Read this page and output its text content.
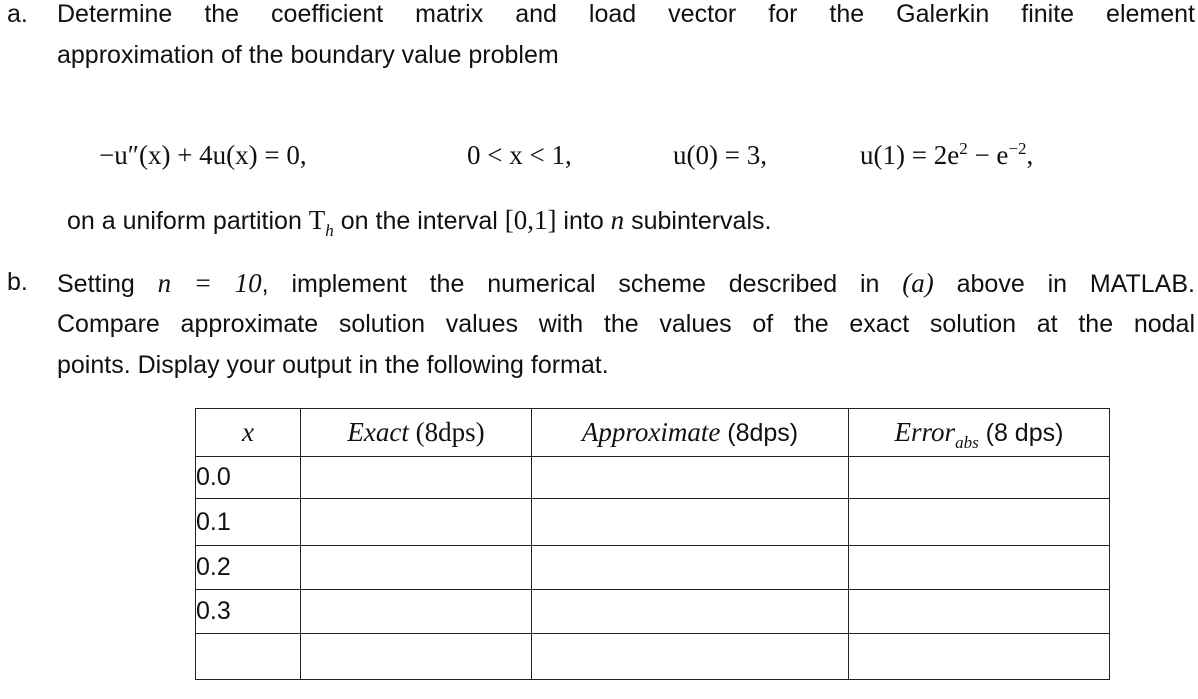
a. Determine the coefficient matrix and load vector for the Galerkin finite element
approximation of the boundary value problem
−u″(x) + 4u(x) = 0,	0 < x < 1,	u(0) = 3,	$u(1) = 2e^2 - e^{-2}$,
on a uniform partition $T_h$ on the interval [0,1] into n subintervals.
b. Setting n = 10, implement the numerical scheme described in (a) above in MATLAB.
Compare approximate solution values with the values of the exact solution at the nodal
points. Display your output in the following format.
x	Exact (8dps)	Approximate (8dps)	Error$_{abs}$ (8 dps)
0.0			
0.1			
0.2			
0.3			
